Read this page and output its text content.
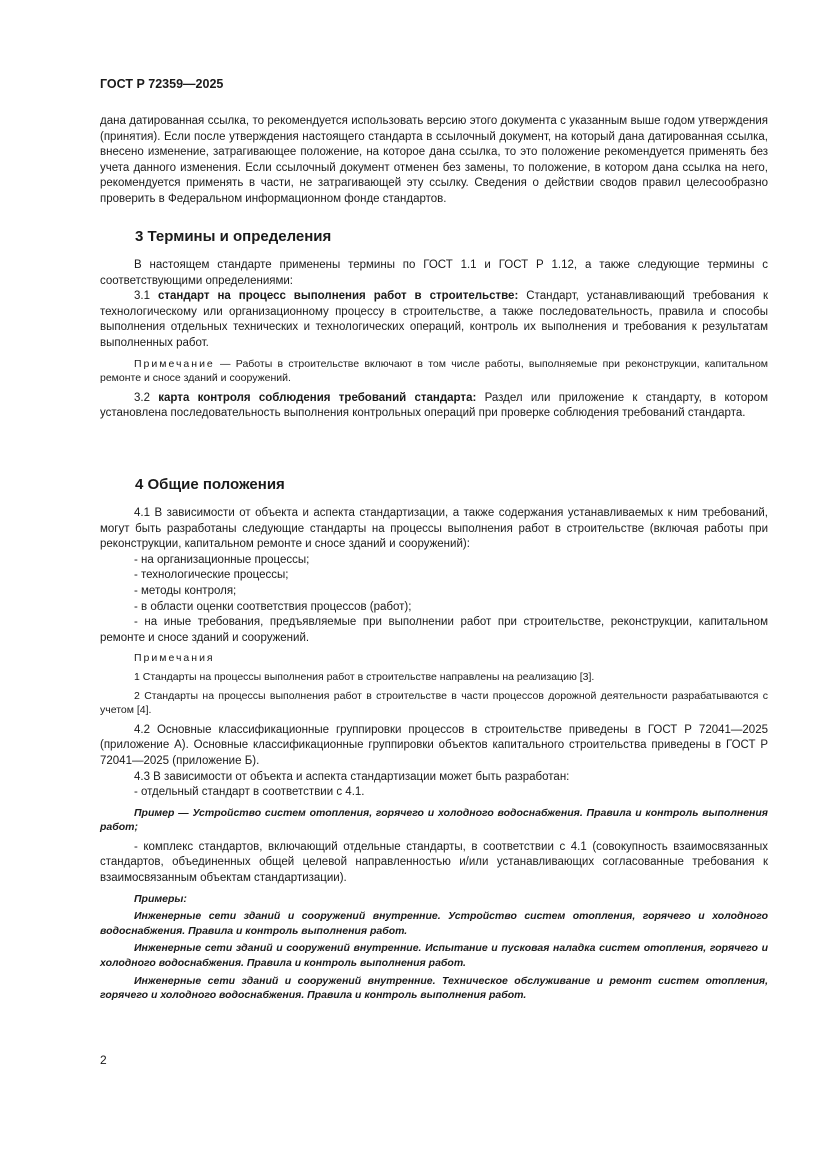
ГОСТ Р 72359—2025

дана датированная ссылка, то рекомендуется использовать версию этого документа с указанным выше годом утверждения (принятия). Если после утверждения настоящего стандарта в ссылочный документ, на который дана датированная ссылка, внесено изменение, затрагивающее положение, на которое дана ссылка, то это положение рекомендуется применять без учета данного изменения. Если ссылочный документ отменен без замены, то положение, в котором дана ссылка на него, рекомендуется применять в части, не затрагивающей эту ссылку. Сведения о действии сводов правил целесообразно проверить в Федеральном информационном фонде стандартов.

3 Термины и определения

В настоящем стандарте применены термины по ГОСТ 1.1 и ГОСТ Р 1.12, а также следующие термины с соответствующими определениями:

3.1 стандарт на процесс выполнения работ в строительстве: Стандарт, устанавливающий требования к технологическому или организационному процессу в строительстве, а также последовательность, правила и способы выполнения отдельных технических и технологических операций, контроль их выполнения и требования к результатам выполненных работ.

Примечание — Работы в строительстве включают в том числе работы, выполняемые при реконструкции, капитальном ремонте и сносе зданий и сооружений.

3.2 карта контроля соблюдения требований стандарта: Раздел или приложение к стандарту, в котором установлена последовательность выполнения контрольных операций при проверке соблюдения требований стандарта.

4 Общие положения

4.1 В зависимости от объекта и аспекта стандартизации, а также содержания устанавливаемых к ним требований, могут быть разработаны следующие стандарты на процессы выполнения работ в строительстве (включая работы при реконструкции, капитальном ремонте и сносе зданий и сооружений):

- на организационные процессы;
- технологические процессы;
- методы контроля;
- в области оценки соответствия процессов (работ);
- на иные требования, предъявляемые при выполнении работ при строительстве, реконструкции, капитальном ремонте и сносе зданий и сооружений.

Примечания

1 Стандарты на процессы выполнения работ в строительстве направлены на реализацию [3].

2 Стандарты на процессы выполнения работ в строительстве в части процессов дорожной деятельности разрабатываются с учетом [4].

4.2 Основные классификационные группировки процессов в строительстве приведены в ГОСТ Р 72041—2025 (приложение А). Основные классификационные группировки объектов капитального строительства приведены в ГОСТ Р 72041—2025 (приложение Б).

4.3 В зависимости от объекта и аспекта стандартизации может быть разработан:

- отдельный стандарт в соответствии с 4.1.

Пример — Устройство систем отопления, горячего и холодного водоснабжения. Правила и контроль выполнения работ;

- комплекс стандартов, включающий отдельные стандарты, в соответствии с 4.1 (совокупность взаимосвязанных стандартов, объединенных общей целевой направленностью и/или устанавливающих согласованные требования к взаимосвязанным объектам стандартизации).

Примеры:

Инженерные сети зданий и сооружений внутренние. Устройство систем отопления, горячего и холодного водоснабжения. Правила и контроль выполнения работ.

Инженерные сети зданий и сооружений внутренние. Испытание и пусковая наладка систем отопления, горячего и холодного водоснабжения. Правила и контроль выполнения работ.

Инженерные сети зданий и сооружений внутренние. Техническое обслуживание и ремонт систем отопления, горячего и холодного водоснабжения. Правила и контроль выполнения работ.

2
